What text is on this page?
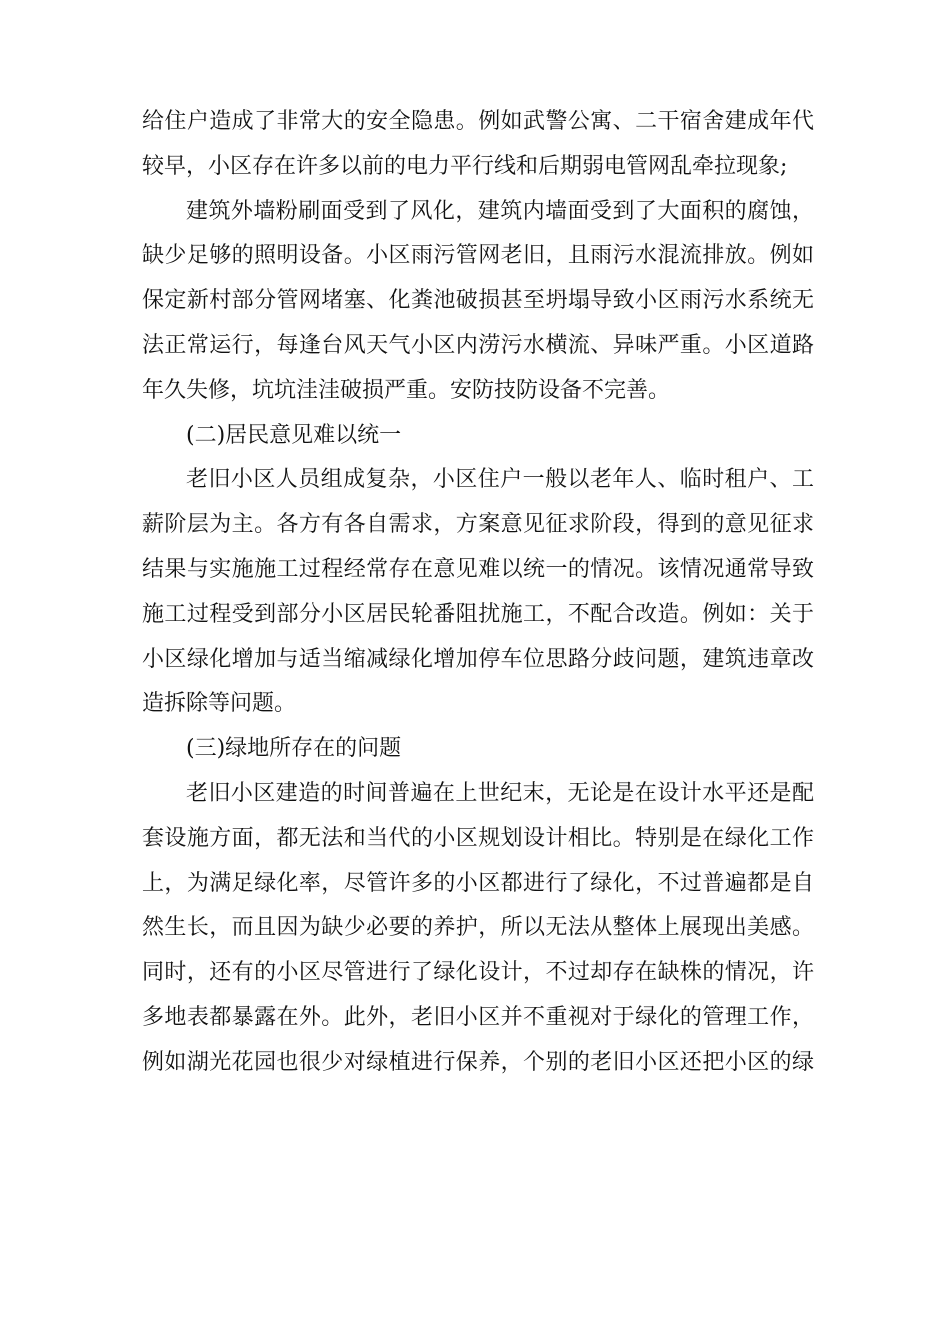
给住户造成了非常大的安全隐患。例如武警公寓、二干宿舍建成年代
较早，小区存在许多以前的电力平行线和后期弱电管网乱牵拉现象;
建筑外墙粉刷面受到了风化，建筑内墙面受到了大面积的腐蚀，
缺少足够的照明设备。小区雨污管网老旧，且雨污水混流排放。例如
保定新村部分管网堵塞、化粪池破损甚至坍塌导致小区雨污水系统无
法正常运行，每逢台风天气小区内涝污水横流、异味严重。小区道路
年久失修，坑坑洼洼破损严重。安防技防设备不完善。
(二)居民意见难以统一
老旧小区人员组成复杂，小区住户一般以老年人、临时租户、工
薪阶层为主。各方有各自需求，方案意见征求阶段，得到的意见征求
结果与实施施工过程经常存在意见难以统一的情况。该情况通常导致
施工过程受到部分小区居民轮番阻扰施工，不配合改造。例如：关于
小区绿化增加与适当缩减绿化增加停车位思路分歧问题，建筑违章改
造拆除等问题。
(三)绿地所存在的问题
老旧小区建造的时间普遍在上世纪末，无论是在设计水平还是配
套设施方面，都无法和当代的小区规划设计相比。特别是在绿化工作
上，为满足绿化率，尽管许多的小区都进行了绿化，不过普遍都是自
然生长，而且因为缺少必要的养护，所以无法从整体上展现出美感。
同时，还有的小区尽管进行了绿化设计，不过却存在缺株的情况，许
多地表都暴露在外。此外，老旧小区并不重视对于绿化的管理工作，
例如湖光花园也很少对绿植进行保养，个别的老旧小区还把小区的绿
